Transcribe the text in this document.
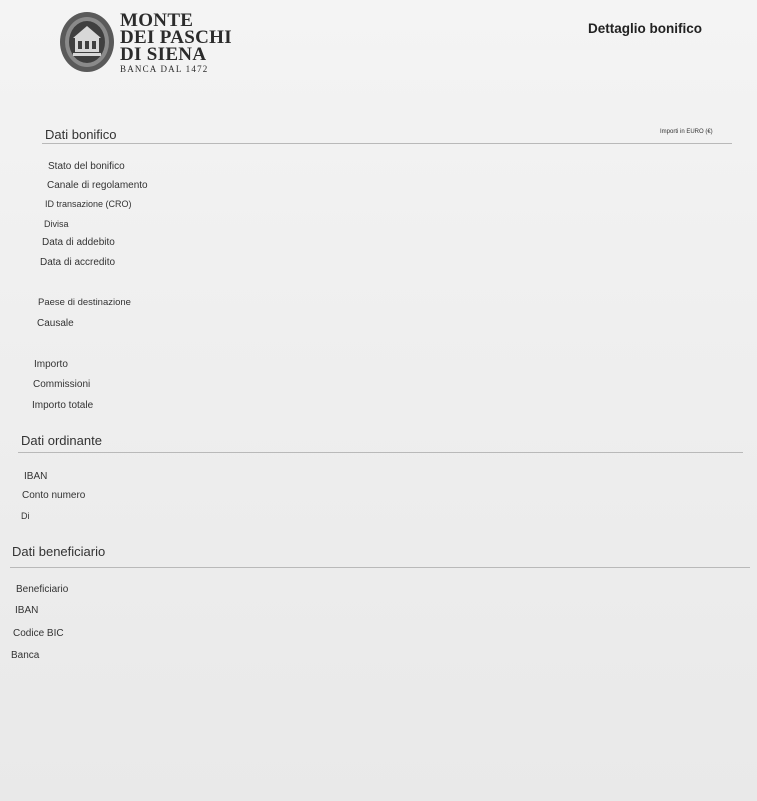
MONTE
DEI PASCHI
DI SIENA
BANCA DAL 1472
Dettaglio bonifico
Dati bonifico	Importi in EURO (€)
Stato del bonifico
Canale di regolamento
ID transazione (CRO)
Divisa
Data di addebito
Data di accredito
Paese di destinazione
Causale
Importo
Commissioni
Importo totale
Dati ordinante
IBAN
Conto numero
Di
Dati beneficiario
Beneficiario
IBAN
Codice BIC
Banca
